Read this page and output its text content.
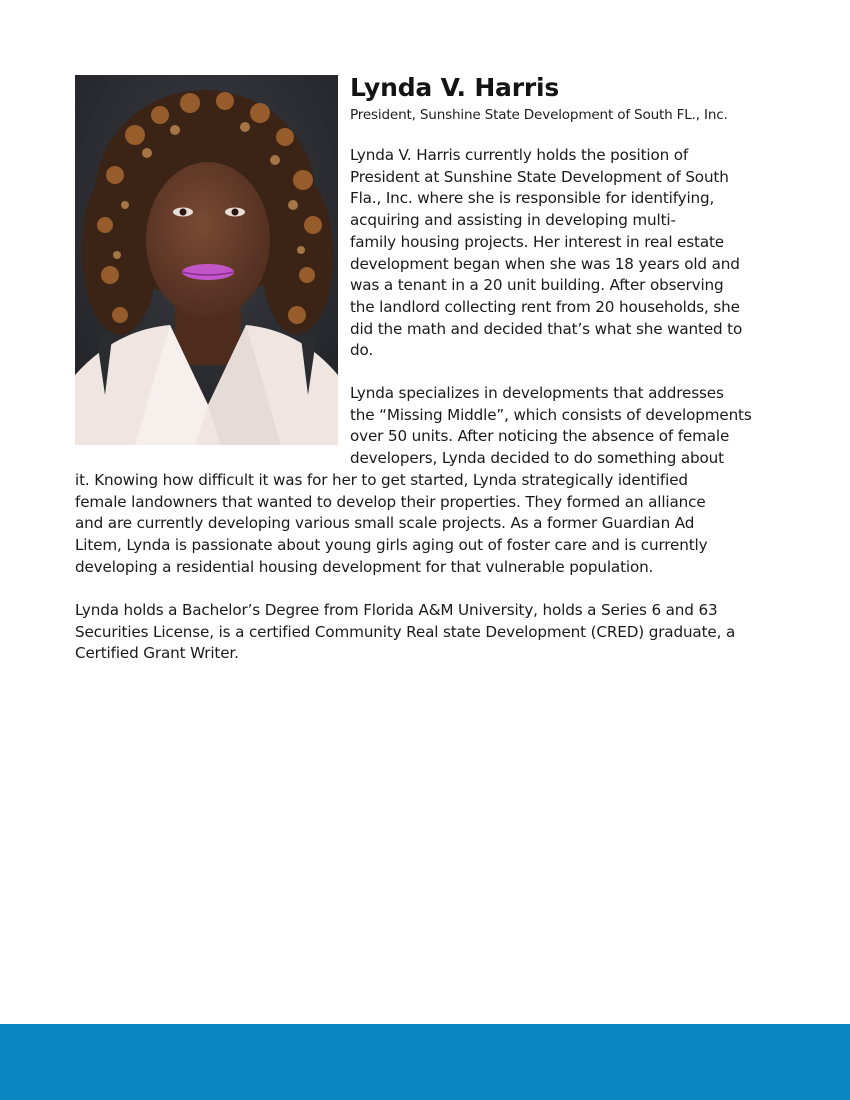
Lynda V. Harris
President, Sunshine State Development of South FL., Inc.
Lynda V. Harris currently holds the position of
President at Sunshine State Development of South
Fla., Inc. where she is responsible for identifying,
acquiring and assisting in developing multi-
family housing projects. Her interest in real estate
development began when she was 18 years old and
was a tenant in a 20 unit building. After observing
the landlord collecting rent from 20 households, she
did the math and decided that’s what she wanted to
do.
Lynda specializes in developments that addresses
the “Missing Middle”, which consists of developments
over 50 units. After noticing the absence of female
developers, Lynda decided to do something about
it. Knowing how difficult it was for her to get started, Lynda strategically identified
female landowners that wanted to develop their properties. They formed an alliance
and are currently developing various small scale projects. As a former Guardian Ad
Litem, Lynda is passionate about young girls aging out of foster care and is currently
developing a residential housing development for that vulnerable population.
Lynda holds a Bachelor’s Degree from Florida A&M University, holds a Series 6 and 63
Securities License, is a certified Community Real state Development (CRED) graduate, a
Certified Grant Writer.
